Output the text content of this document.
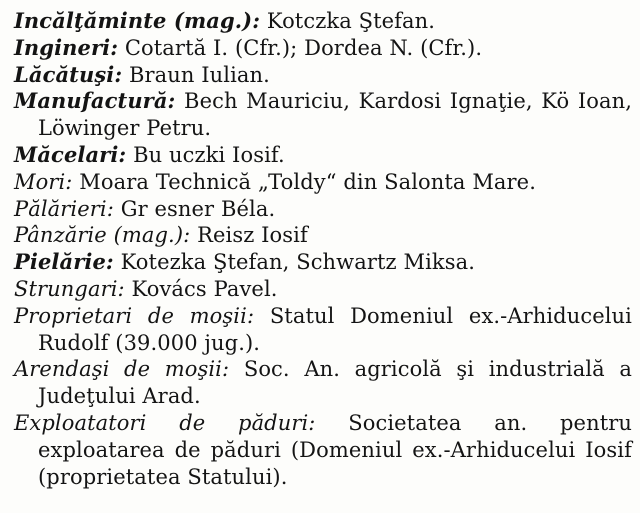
Incălţăminte (mag.): Kotczka Ştefan.
Ingineri: Cotartă I. (Cfr.); Dordea N. (Cfr.).
Lăcătuşi: Braun Iulian.
Manufactură: Bech Mauriciu, Kardosi Ignaţie, Kö Ioan, Löwinger Petru.
Măcelari: Bu uczki Iosif.
Mori: Moara Technică „Toldy“ din Salonta Mare.
Pălărieri: Gr esner Béla.
Pânzărie (mag.): Reisz Iosif
Pielărie: Kotezka Ştefan, Schwartz Miksa.
Strungari: Kovács Pavel.
Proprietari de moşii: Statul Domeniul ex.-Arhiducelui Rudolf (39.000 jug.).
Arendaşi de moşii: Soc. An. agricolă şi industrială a Judeţului Arad.
Exploatatori de păduri: Societatea an. pentru exploatarea de păduri (Domeniul ex.-Arhiducelui Iosif (proprietatea Statului).
